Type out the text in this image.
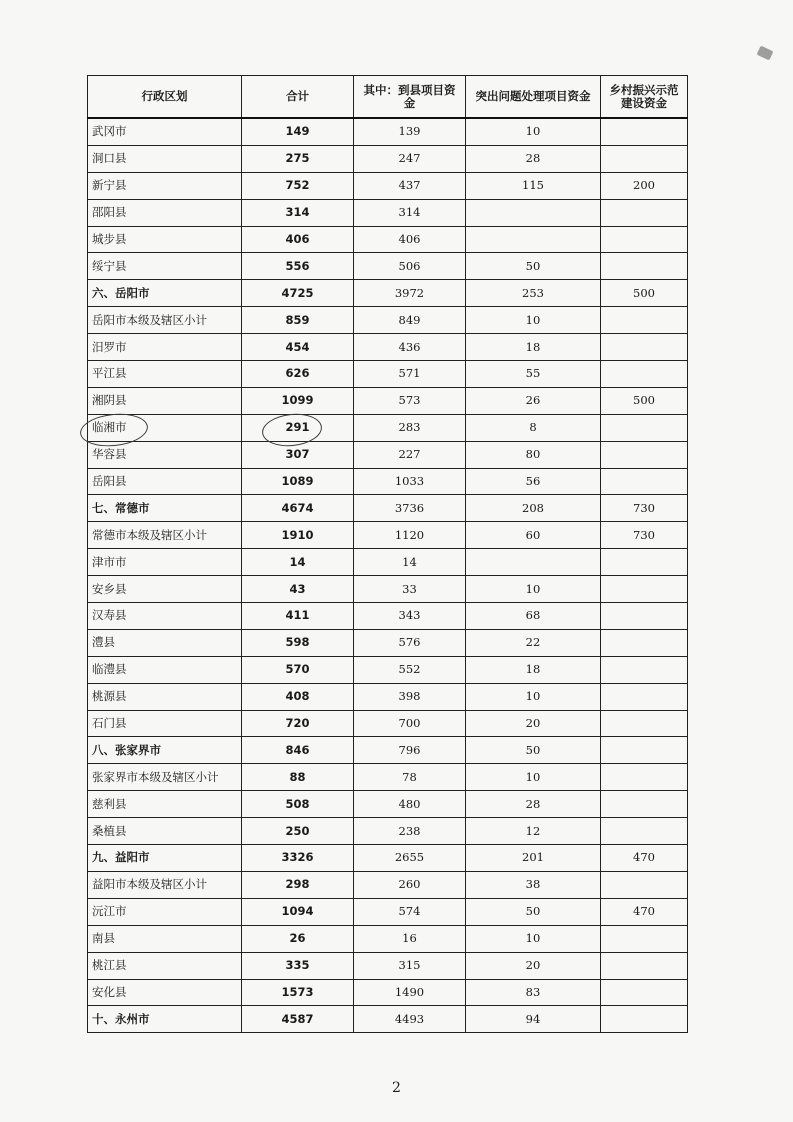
行政区划	合计	其中：到县项目资金	突出问题处理项目资金	乡村振兴示范建设资金
武冈市	149	139	10	
洞口县	275	247	28	
新宁县	752	437	115	200
邵阳县	314	314		
城步县	406	406		
绥宁县	556	506	50	
六、岳阳市	4725	3972	253	500
岳阳市本级及辖区小计	859	849	10	
汨罗市	454	436	18	
平江县	626	571	55	
湘阴县	1099	573	26	500
临湘市	291	283	8	
华容县	307	227	80	
岳阳县	1089	1033	56	
七、常德市	4674	3736	208	730
常德市本级及辖区小计	1910	1120	60	730
津市市	14	14		
安乡县	43	33	10	
汉寿县	411	343	68	
澧县	598	576	22	
临澧县	570	552	18	
桃源县	408	398	10	
石门县	720	700	20	
八、张家界市	846	796	50	
张家界市本级及辖区小计	88	78	10	
慈利县	508	480	28	
桑植县	250	238	12	
九、益阳市	3326	2655	201	470
益阳市本级及辖区小计	298	260	38	
沅江市	1094	574	50	470
南县	26	16	10	
桃江县	335	315	20	
安化县	1573	1490	83	
十、永州市	4587	4493	94	
2
